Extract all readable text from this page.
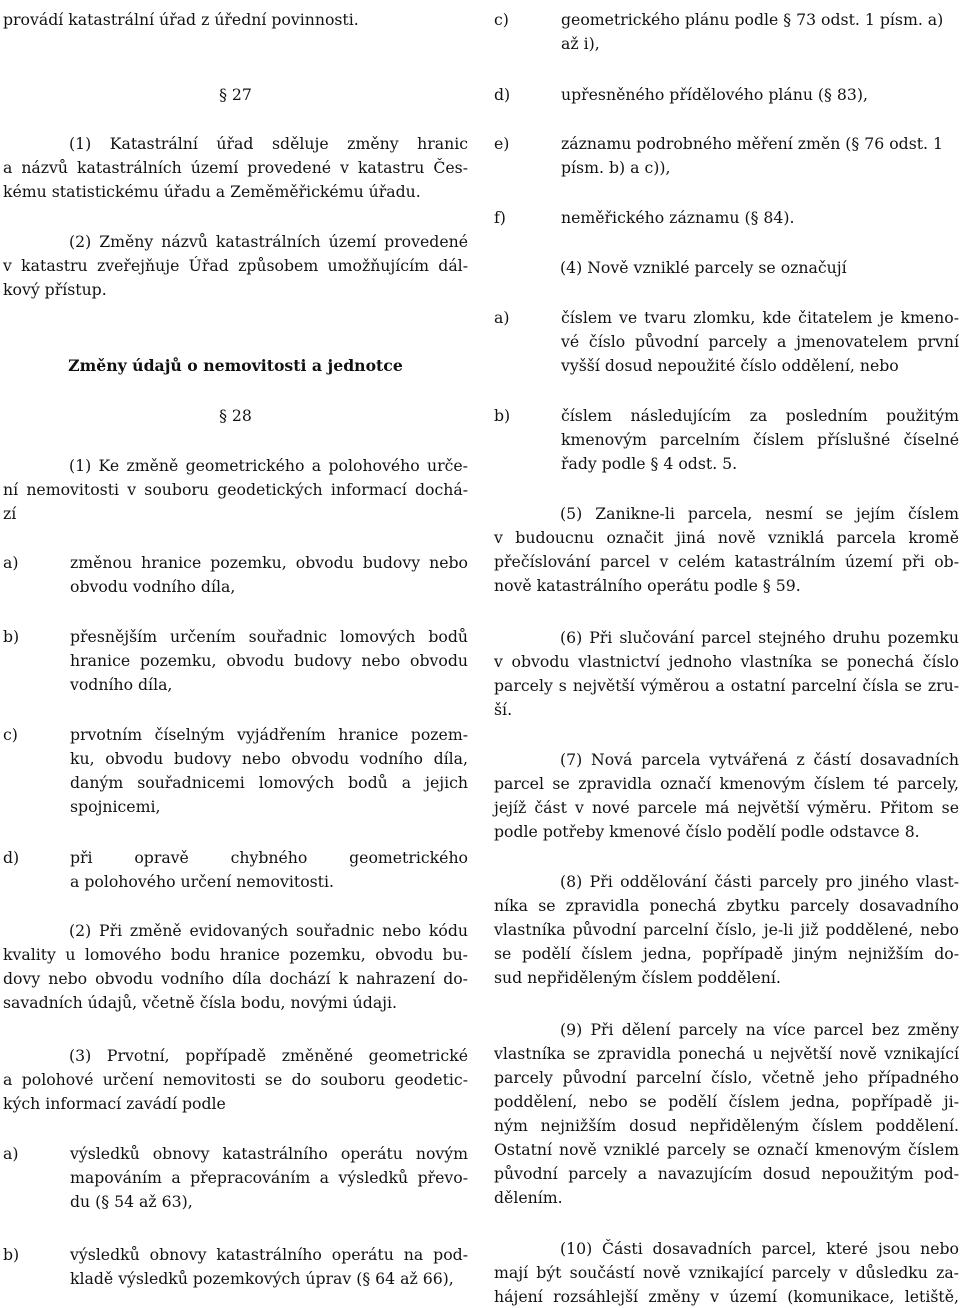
provádí katastrální úřad z úřední povinnosti.
§ 27
(1) Katastrální úřad sděluje změny hranic
a názvů katastrálních území provedené v katastru Čes-
kému statistickému úřadu a Zeměměřickému úřadu.
(2) Změny názvů katastrálních území provedené
v katastru zveřejňuje Úřad způsobem umožňujícím dál-
kový přístup.
Změny údajů o nemovitosti a jednotce
§ 28
(1) Ke změně geometrického a polohového urče-
ní nemovitosti v souboru geodetických informací dochá-
zí
a)	změnou hranice pozemku, obvodu budovy nebo
obvodu vodního díla,
b)	přesnějším určením souřadnic lomových bodů
hranice pozemku, obvodu budovy nebo obvodu
vodního díla,
c)	prvotním číselným vyjádřením hranice pozem-
ku, obvodu budovy nebo obvodu vodního díla,
daným souřadnicemi lomových bodů a jejich
spojnicemi,
d)	při opravě chybného geometrického
a polohového určení nemovitosti.
(2) Při změně evidovaných souřadnic nebo kódu
kvality u lomového bodu hranice pozemku, obvodu bu-
dovy nebo obvodu vodního díla dochází k nahrazení do-
savadních údajů, včetně čísla bodu, novými údaji.
(3) Prvotní, popřípadě změněné geometrické
a polohové určení nemovitosti se do souboru geodetic-
kých informací zavádí podle
a)	výsledků obnovy katastrálního operátu novým
mapováním a přepracováním a výsledků převo-
du (§ 54 až 63),
b)	výsledků obnovy katastrálního operátu na pod-
kladě výsledků pozemkových úprav (§ 64 až 66),
c)	geometrického plánu podle § 73 odst. 1 písm. a)
až i),
d)	upřesněného přídělového plánu (§ 83),
e)	záznamu podrobného měření změn (§ 76 odst. 1
písm. b) a c)),
f)	neměřického záznamu (§ 84).
(4) Nově vzniklé parcely se označují
a)	číslem ve tvaru zlomku, kde čitatelem je kmeno-
vé číslo původní parcely a jmenovatelem první
vyšší dosud nepoužité číslo oddělení, nebo
b)	číslem následujícím za posledním použitým
kmenovým parcelním číslem příslušné číselné
řady podle § 4 odst. 5.
(5) Zanikne-li parcela, nesmí se jejím číslem
v budoucnu označit jiná nově vzniklá parcela kromě
přečíslování parcel v celém katastrálním území při ob-
nově katastrálního operátu podle § 59.
(6) Při slučování parcel stejného druhu pozemku
v obvodu vlastnictví jednoho vlastníka se ponechá číslo
parcely s největší výměrou a ostatní parcelní čísla se zru-
ší.
(7) Nová parcela vytvářená z částí dosavadních
parcel se zpravidla označí kmenovým číslem té parcely,
jejíž část v nové parcele má největší výměru. Přitom se
podle potřeby kmenové číslo podělí podle odstavce 8.
(8) Při oddělování části parcely pro jiného vlast-
níka se zpravidla ponechá zbytku parcely dosavadního
vlastníka původní parcelní číslo, je-li již poddělené, nebo
se podělí číslem jedna, popřípadě jiným nejnižším do-
sud nepřiděleným číslem poddělení.
(9) Při dělení parcely na více parcel bez změny
vlastníka se zpravidla ponechá u největší nově vznikající
parcely původní parcelní číslo, včetně jeho případného
poddělení, nebo se podělí číslem jedna, popřípadě ji-
ným nejnižším dosud nepřiděleným číslem poddělení.
Ostatní nově vzniklé parcely se označí kmenovým číslem
původní parcely a navazujícím dosud nepoužitým pod-
dělením.
(10) Části dosavadních parcel, které jsou nebo
mají být součástí nově vznikající parcely v důsledku za-
hájení rozsáhlejší změny v území (komunikace, letiště,
